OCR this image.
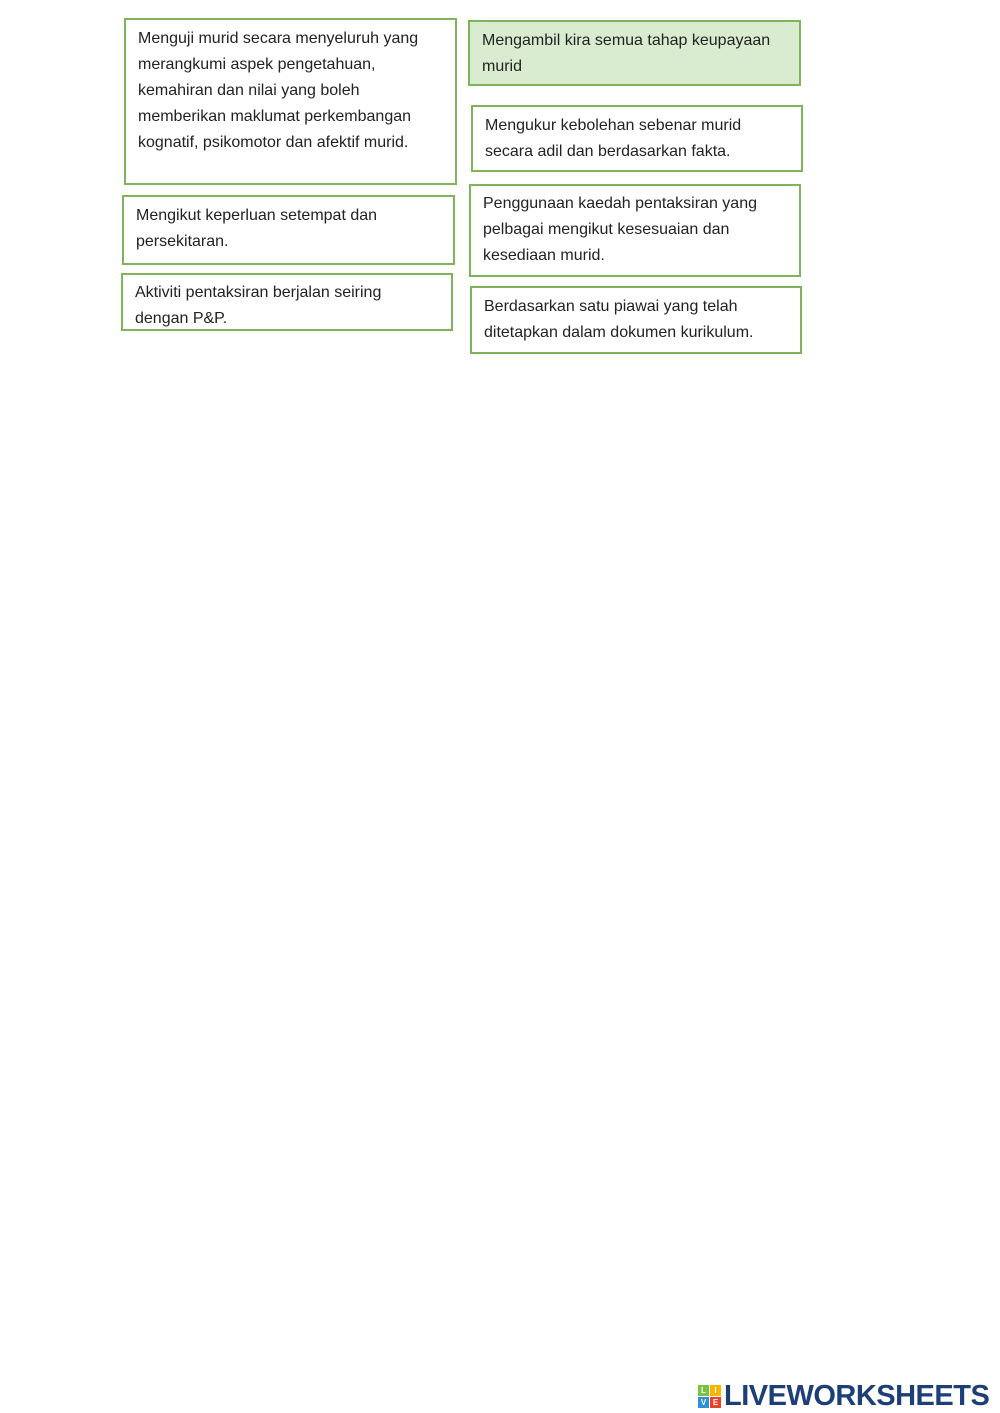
Menguji murid secara menyeluruh yang merangkumi aspek pengetahuan, kemahiran dan nilai yang boleh memberikan maklumat perkembangan kognatif, psikomotor dan afektif murid.
Mengambil kira semua tahap keupayaan murid
Mengukur kebolehan sebenar murid secara adil dan berdasarkan fakta.
Mengikut keperluan setempat dan persekitaran.
Penggunaan kaedah pentaksiran yang pelbagai mengikut kesesuaian dan kesediaan murid.
Aktiviti pentaksiran berjalan seiring dengan P&P.
Berdasarkan satu piawai yang telah ditetapkan dalam dokumen kurikulum.
L	I
V E LIVEWORKSHEETS
